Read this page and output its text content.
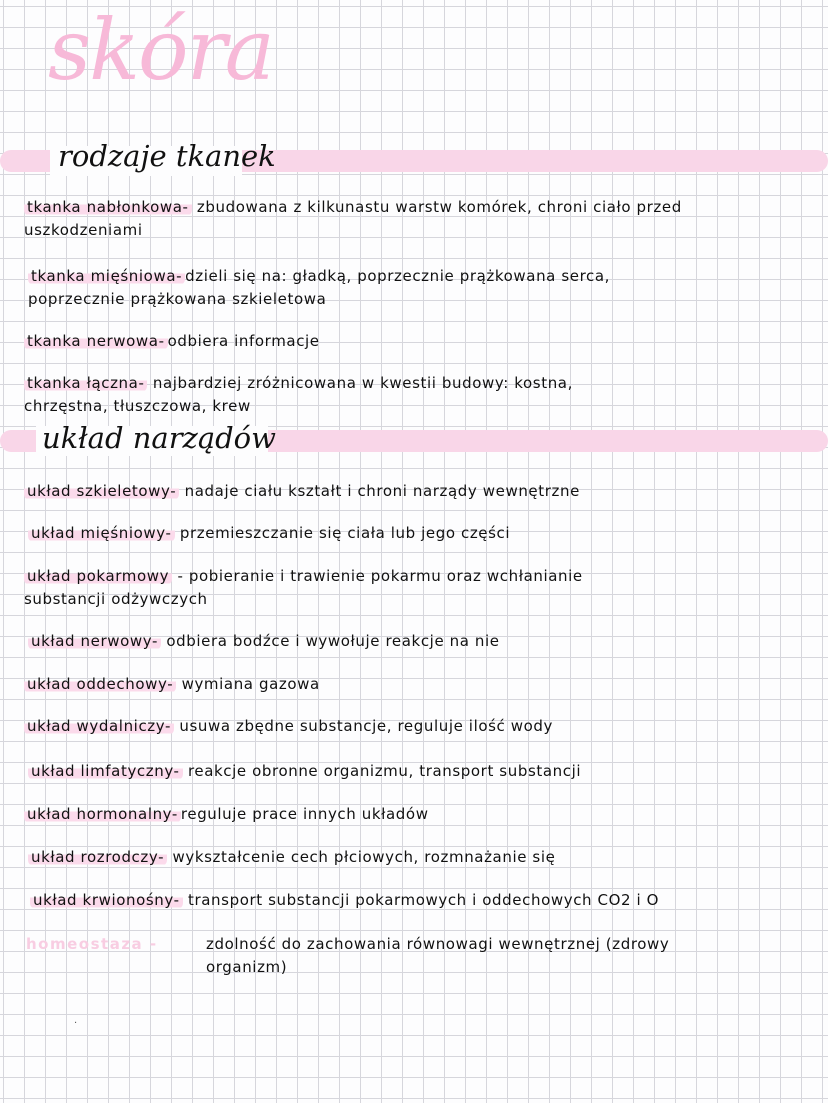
skóra
rodzaje tkanek
tkanka nabłonkowa- zbudowana z kilkunastu warstw komórek, chroni ciało przed
uszkodzeniami
tkanka mięśniowa- dzieli się na: gładką, poprzecznie prążkowana serca,
poprzecznie prążkowana szkieletowa
tkanka nerwowa- odbiera informacje
tkanka łączna- najbardziej zróżnicowana w kwestii budowy: kostna,
chrzęstna, tłuszczowa, krew
układ narządów
układ szkieletowy- nadaje ciału kształt i chroni narządy wewnętrzne
układ mięśniowy- przemieszczanie się ciała lub jego części
układ pokarmowy - pobieranie i trawienie pokarmu oraz wchłanianie
substancji odżywczych
układ nerwowy- odbiera bodźce i wywołuje reakcje na nie
układ oddechowy- wymiana gazowa
układ wydalniczy- usuwa zbędne substancje, reguluje ilość wody
układ limfatyczny- reakcje obronne organizmu, transport substancji
układ hormonalny- reguluje prace innych układów
układ rozrodczy- wykształcenie cech płciowych, rozmnażanie się
układ krwionośny- transport substancji pokarmowych i oddechowych CO2 i O
homeostaza -	zdolność do zachowania równowagi wewnętrznej (zdrowy
organizm)
·
